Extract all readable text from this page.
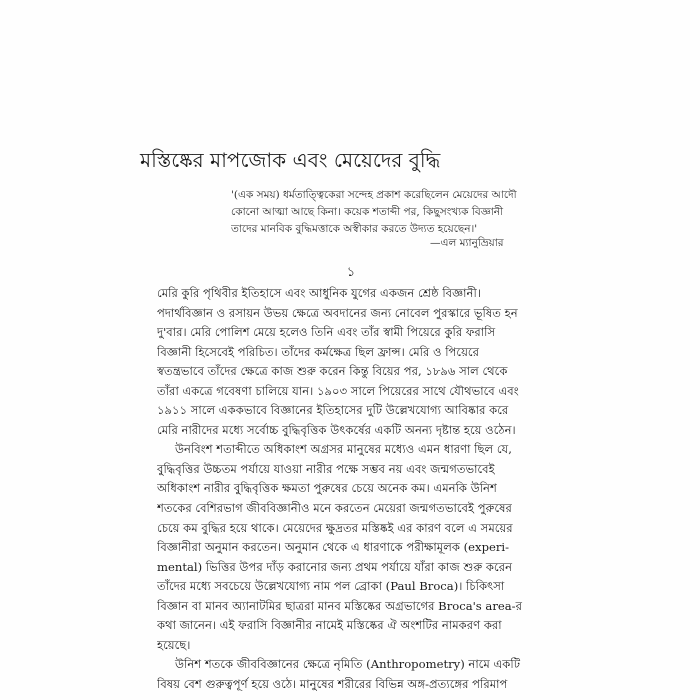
মস্তিষ্কের মাপজোক এবং মেয়েদের বুদ্ধি
'(এক সময়) ধর্মতাত্ত্বিকেরা সন্দেহ প্রকাশ করেছিলেন মেয়েদের আদৌ
কোনো আত্মা আছে কিনা। কয়েক শতাব্দী পর, কিছুসংখ্যক বিজ্ঞানী
তাদের মানবিক বুদ্ধিমত্তাকে অস্বীকার করতে উদ্যত হয়েছেন।'
—এল ম্যানুভ্রিয়ার
১
মেরি কুরি পৃথিবীর ইতিহাসে এবং আধুনিক যুগের একজন শ্রেষ্ঠ বিজ্ঞানী।
পদার্থবিজ্ঞান ও রসায়ন উভয় ক্ষেত্রে অবদানের জন্য নোবেল পুরস্কারে ভূষিত হন
দু'বার। মেরি পোলিশ মেয়ে হলেও তিনি এবং তাঁর স্বামী পিয়েরে কুরি ফরাসি
বিজ্ঞানী হিসেবেই পরিচিত। তাঁদের কর্মক্ষেত্র ছিল ফ্রান্স। মেরি ও পিয়েরে
স্বতন্ত্রভাবে তাঁদের ক্ষেত্রে কাজ শুরু করেন কিন্তু বিয়ের পর, ১৮৯৬ সাল থেকে
তাঁরা একত্রে গবেষণা চালিয়ে যান। ১৯০৩ সালে পিয়েরের সাথে যৌথভাবে এবং
১৯১১ সালে এককভাবে বিজ্ঞানের ইতিহাসের দুটি উল্লেখযোগ্য আবিষ্কার করে
মেরি নারীদের মধ্যে সর্বোচ্চ বুদ্ধিবৃত্তিক উৎকর্ষের একটি অনন্য দৃষ্টান্ত হয়ে ওঠেন।
উনবিংশ শতাব্দীতে অধিকাংশ অগ্রসর মানুষের মধ্যেও এমন ধারণা ছিল যে,
বুদ্ধিবৃত্তির উচ্চতম পর্যায়ে যাওয়া নারীর পক্ষে সম্ভব নয় এবং জন্মগতভাবেই
অধিকাংশ নারীর বুদ্ধিবৃত্তিক ক্ষমতা পুরুষের চেয়ে অনেক কম। এমনকি উনিশ
শতকের বেশিরভাগ জীববিজ্ঞানীও মনে করতেন মেয়েরা জন্মগতভাবেই পুরুষের
চেয়ে কম বুদ্ধির হয়ে থাকে। মেয়েদের ক্ষুদ্রতর মস্তিষ্কই এর কারণ বলে এ সময়ের
বিজ্ঞানীরা অনুমান করতেন। অনুমান থেকে এ ধারণাকে পরীক্ষামূলক (experi-
mental) ভিত্তির উপর দাঁড় করানোর জন্য প্রথম পর্যায়ে যাঁরা কাজ শুরু করেন
তাঁদের মধ্যে সবচেয়ে উল্লেখযোগ্য নাম পল ব্রোকা (Paul Broca)। চিকিৎসা
বিজ্ঞান বা মানব অ্যানাটমির ছাত্ররা মানব মস্তিষ্কের অগ্রভাগের Broca's area-র
কথা জানেন। এই ফরাসি বিজ্ঞানীর নামেই মস্তিষ্কের ঐ অংশটির নামকরণ করা
হয়েছে।
উনিশ শতকে জীববিজ্ঞানের ক্ষেত্রে নৃমিতি (Anthropometry) নামে একটি
বিষয় বেশ গুরুত্বপূর্ণ হয়ে ওঠে। মানুষের শরীরের বিভিন্ন অঙ্গ-প্রত্যঙ্গের পরিমাপ
